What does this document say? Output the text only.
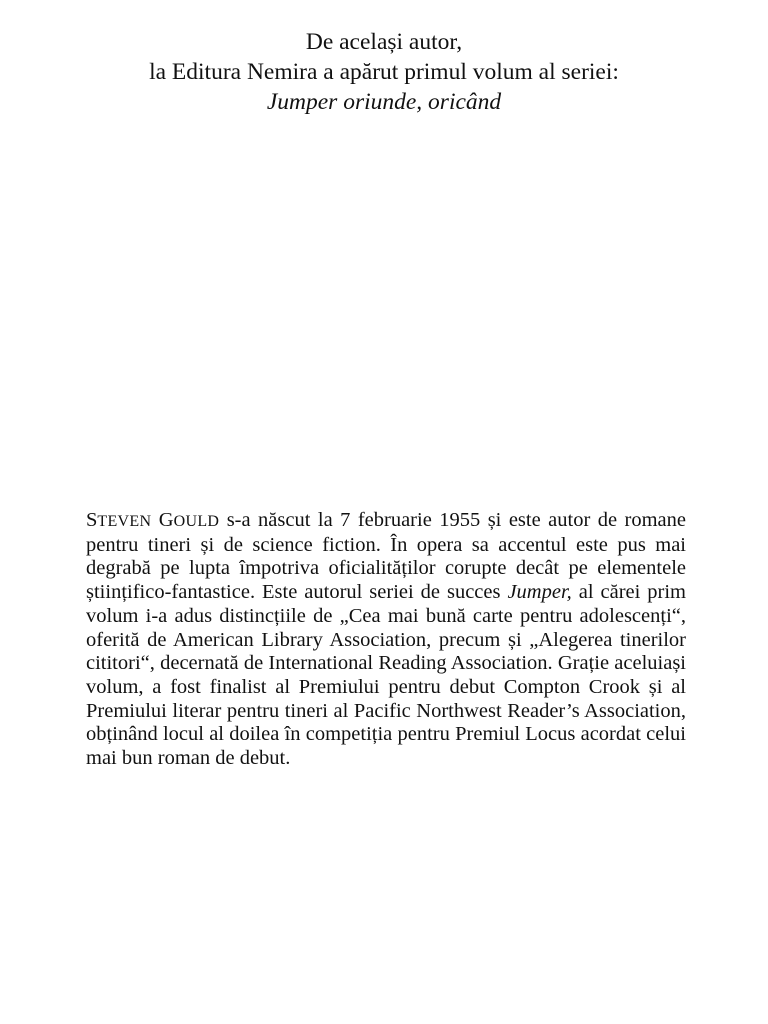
De același autor,
la Editura Nemira a apărut primul volum al seriei:
Jumper oriunde, oricând
STEVEN GOULD s-a născut la 7 februarie 1955 și este autor de romane pentru tineri și de science fiction. În opera sa accentul este pus mai degrabă pe lupta împotriva oficialităților corupte decât pe elementele științifico-fantastice. Este autorul seriei de succes Jumper, al cărei prim volum i-a adus distincțiile de „Cea mai bună carte pentru adolescenți“, oferită de American Library Association, precum și „Alegerea tinerilor cititori“, decernată de International Reading Association. Grație aceluiași volum, a fost finalist al Premiului pentru debut Compton Crook și al Premiului literar pentru tineri al Pacific Northwest Reader’s Association, obținând locul al doilea în competiția pentru Premiul Locus acordat celui mai bun roman de debut.
